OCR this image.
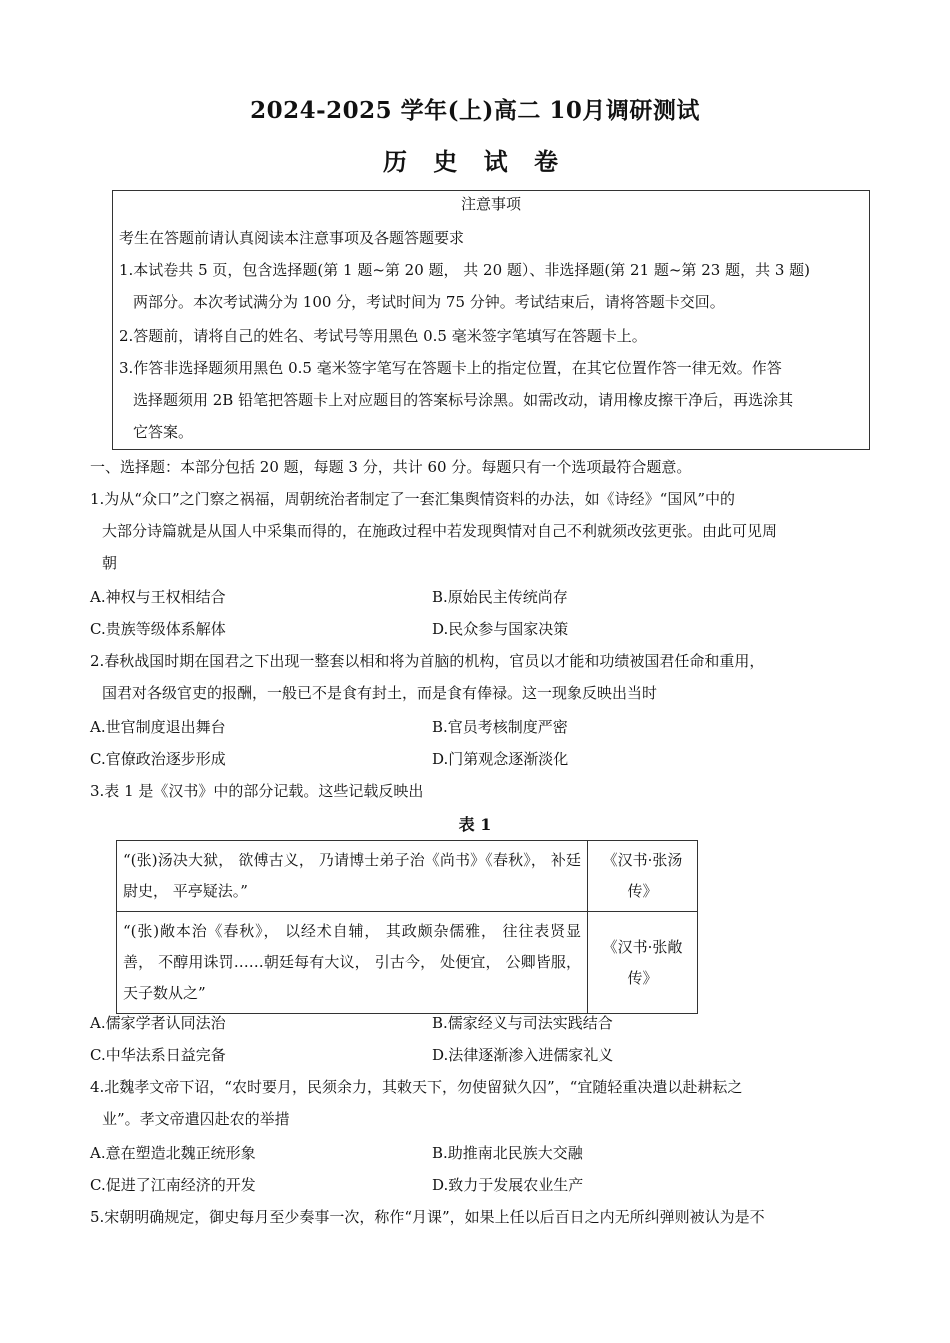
2024-2025 学年(上)高二 10月调研测试
历 史 试 卷
注意事项
考生在答题前请认真阅读本注意事项及各题答题要求
1.本试卷共 5 页，包含选择题(第 1 题~第 20 题， 共 20 题）、非选择题(第 21 题~第 23 题，共 3 题)
两部分。本次考试满分为 100 分，考试时间为 75 分钟。考试结束后，请将答题卡交回。
2.答题前，请将自己的姓名、考试号等用黑色 0.5 毫米签字笔填写在答题卡上。
3.作答非选择题须用黑色 0.5 毫米签字笔写在答题卡上的指定位置，在其它位置作答一律无效。作答
选择题须用 2B 铅笔把答题卡上对应题目的答案标号涂黑。如需改动，请用橡皮擦干净后，再选涂其
它答案。
一、选择题：本部分包括 20 题，每题 3 分，共计 60 分。每题只有一个选项最符合题意。
1.为从“众口”之门察之祸福，周朝统治者制定了一套汇集舆情资料的办法，如《诗经》“国风”中的
大部分诗篇就是从国人中采集而得的，在施政过程中若发现舆情对自己不利就须改弦更张。由此可见周
朝
A.神权与王权相结合	B.原始民主传统尚存
C.贵族等级体系解体	D.民众参与国家决策
2.春秋战国时期在国君之下出现一整套以相和将为首脑的机构，官员以才能和功绩被国君任命和重用，
国君对各级官吏的报酬，一般已不是食有封土，而是食有俸禄。这一现象反映出当时
A.世官制度退出舞台	B.官员考核制度严密
C.官僚政治逐步形成	D.门第观念逐渐淡化
3.表 1 是《汉书》中的部分记载。这些记载反映出
表 1
“(张)汤决大狱， 欲傅古义， 乃请博士弟子治《尚书》《春秋》， 补廷尉史， 平亭疑法。”	《汉书·张汤传》
“(张)敞本治《春秋》， 以经术自辅， 其政颇杂儒雅， 往往表贤显善， 不醇用诛罚……朝廷每有大议， 引古今， 处便宜， 公卿皆服， 天子数从之”	《汉书·张敞传》
A.儒家学者认同法治	B.儒家经义与司法实践结合
C.中华法系日益完备	D.法律逐渐渗入进儒家礼义
4.北魏孝文帝下诏，“农时要月，民须余力，其敕天下，勿使留狱久囚”，“宜随轻重决遣以赴耕耘之
业”。孝文帝遣囚赴农的举措
A.意在塑造北魏正统形象	B.助推南北民族大交融
C.促进了江南经济的开发	D.致力于发展农业生产
5.宋朝明确规定，御史每月至少奏事一次，称作“月课”，如果上任以后百日之内无所纠弹则被认为是不
